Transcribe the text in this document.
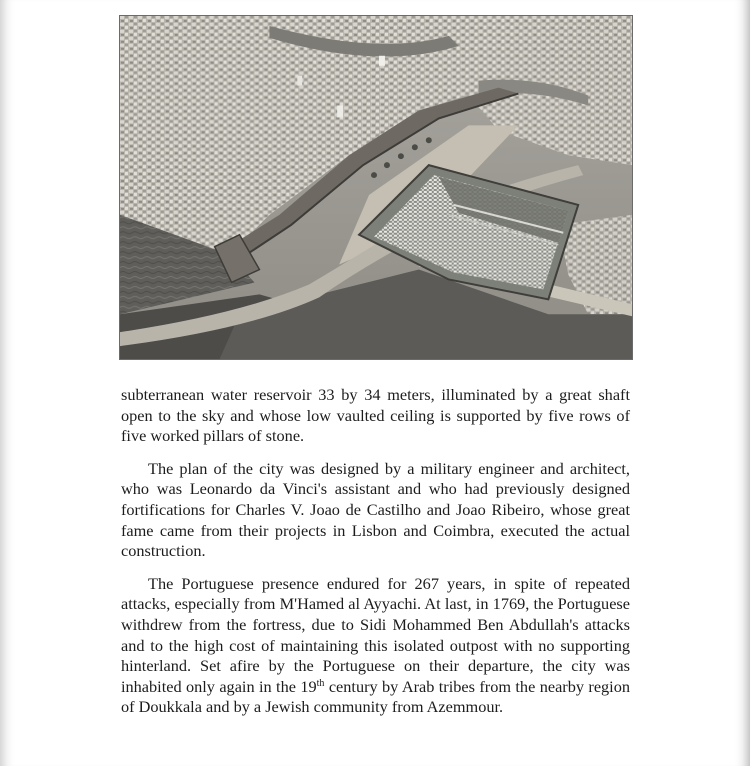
subterranean water reservoir 33 by 34 meters, illuminated by a great shaft open to the sky and whose low vaulted ceiling is supported by five rows of five worked pillars of stone.

The plan of the city was designed by a military engineer and architect, who was Leonardo da Vinci's assistant and who had previously designed fortifications for Charles V. Joao de Castilho and Joao Ribeiro, whose great fame came from their projects in Lisbon and Coimbra, executed the actual construction.

The Portuguese presence endured for 267 years, in spite of repeated attacks, especially from M'Hamed al Ayyachi. At last, in 1769, the Portuguese withdrew from the fortress, due to Sidi Mohammed Ben Abdullah's attacks and to the high cost of maintaining this isolated outpost with no supporting hinterland. Set afire by the Portuguese on their departure, the city was inhabited only again in the 19th century by Arab tribes from the nearby region of Doukkala and by a Jewish community from Azemmour.
